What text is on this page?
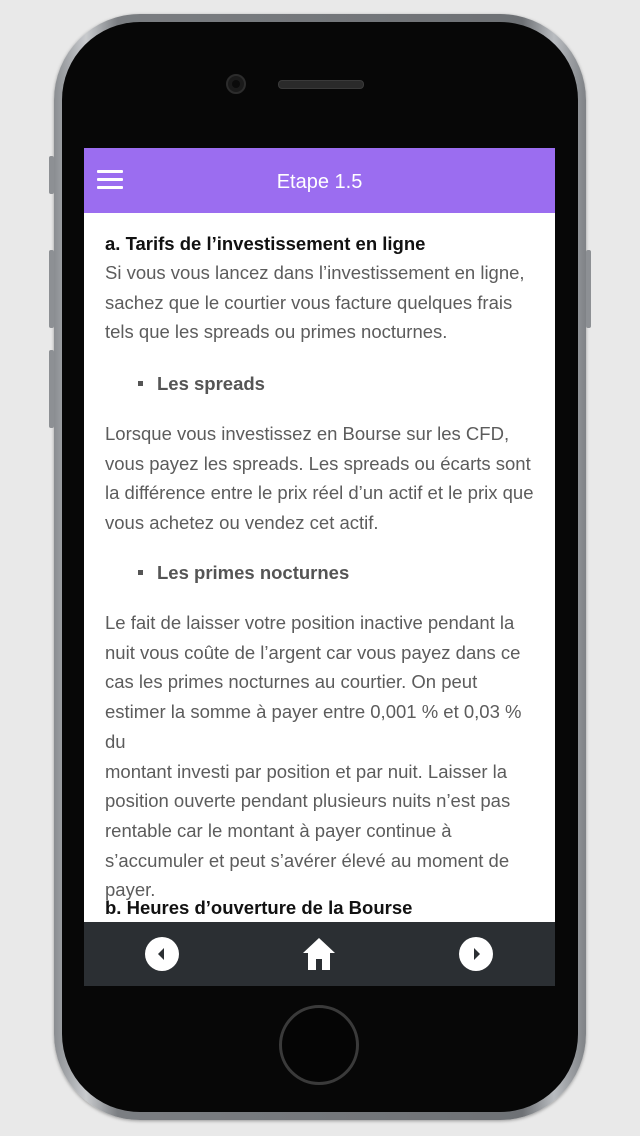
Etape 1.5

a. Tarifs de l’investissement en ligne

Si vous vous lancez dans l’investissement en ligne,
sachez que le courtier vous facture quelques frais
tels que les spreads ou primes nocturnes.
Les spreads
Lorsque vous investissez en Bourse sur les CFD,
vous payez les spreads. Les spreads ou écarts sont
la différence entre le prix réel d’un actif et le prix que
vous achetez ou vendez cet actif.
Les primes nocturnes
Le fait de laisser votre position inactive pendant la
nuit vous coûte de l’argent car vous payez dans ce
cas les primes nocturnes au courtier. On peut
estimer la somme à payer entre 0,001 % et 0,03 % du
montant investi par position et par nuit. Laisser la
position ouverte pendant plusieurs nuits n’est pas
rentable car le montant à payer continue à
s’accumuler et peut s’avérer élevé au moment de
payer.

b. Heures d’ouverture de la Bourse
